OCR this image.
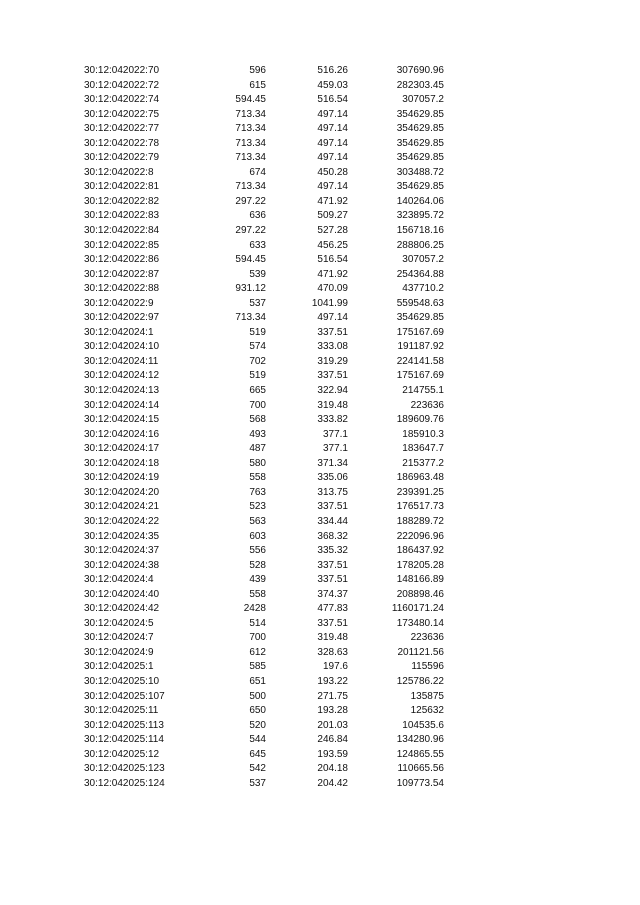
30:12:042022:70	596	516.26	307690.96
30:12:042022:72	615	459.03	282303.45
30:12:042022:74	594.45	516.54	307057.2
30:12:042022:75	713.34	497.14	354629.85
30:12:042022:77	713.34	497.14	354629.85
30:12:042022:78	713.34	497.14	354629.85
30:12:042022:79	713.34	497.14	354629.85
30:12:042022:8	674	450.28	303488.72
30:12:042022:81	713.34	497.14	354629.85
30:12:042022:82	297.22	471.92	140264.06
30:12:042022:83	636	509.27	323895.72
30:12:042022:84	297.22	527.28	156718.16
30:12:042022:85	633	456.25	288806.25
30:12:042022:86	594.45	516.54	307057.2
30:12:042022:87	539	471.92	254364.88
30:12:042022:88	931.12	470.09	437710.2
30:12:042022:9	537	1041.99	559548.63
30:12:042022:97	713.34	497.14	354629.85
30:12:042024:1	519	337.51	175167.69
30:12:042024:10	574	333.08	191187.92
30:12:042024:11	702	319.29	224141.58
30:12:042024:12	519	337.51	175167.69
30:12:042024:13	665	322.94	214755.1
30:12:042024:14	700	319.48	223636
30:12:042024:15	568	333.82	189609.76
30:12:042024:16	493	377.1	185910.3
30:12:042024:17	487	377.1	183647.7
30:12:042024:18	580	371.34	215377.2
30:12:042024:19	558	335.06	186963.48
30:12:042024:20	763	313.75	239391.25
30:12:042024:21	523	337.51	176517.73
30:12:042024:22	563	334.44	188289.72
30:12:042024:35	603	368.32	222096.96
30:12:042024:37	556	335.32	186437.92
30:12:042024:38	528	337.51	178205.28
30:12:042024:4	439	337.51	148166.89
30:12:042024:40	558	374.37	208898.46
30:12:042024:42	2428	477.83	1160171.24
30:12:042024:5	514	337.51	173480.14
30:12:042024:7	700	319.48	223636
30:12:042024:9	612	328.63	201121.56
30:12:042025:1	585	197.6	115596
30:12:042025:10	651	193.22	125786.22
30:12:042025:107	500	271.75	135875
30:12:042025:11	650	193.28	125632
30:12:042025:113	520	201.03	104535.6
30:12:042025:114	544	246.84	134280.96
30:12:042025:12	645	193.59	124865.55
30:12:042025:123	542	204.18	110665.56
30:12:042025:124	537	204.42	109773.54
